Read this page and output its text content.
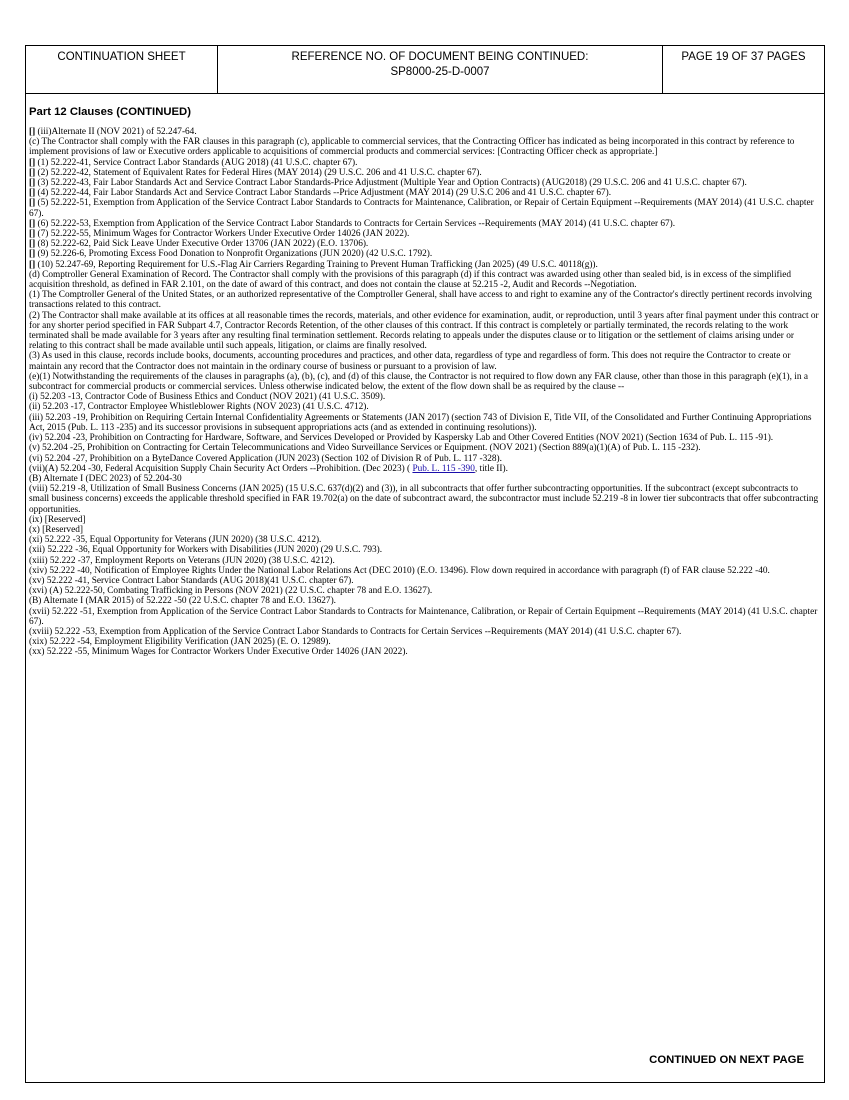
CONTINUATION SHEET	REFERENCE NO. OF DOCUMENT BEING CONTINUED:
SP8000-25-D-0007
PAGE 19 OF 37 PAGES
Part 12 Clauses (CONTINUED)
[] (iii)Alternate II (NOV 2021) of 52.247-64.
(c) The Contractor shall comply with the FAR clauses in this paragraph (c), applicable to commercial services, that the Contracting Officer has indicated as being incorporated in this contract by reference to implement provisions of law or Executive orders applicable to acquisitions of commercial products and commercial services: [Contracting Officer check as appropriate.]
[] (1) 52.222-41, Service Contract Labor Standards (AUG 2018) (41 U.S.C. chapter 67).
[] (2) 52.222-42, Statement of Equivalent Rates for Federal Hires (MAY 2014) (29 U.S.C. 206 and 41 U.S.C. chapter 67).
[] (3) 52.222-43, Fair Labor Standards Act and Service Contract Labor Standards-Price Adjustment (Multiple Year and Option Contracts) (AUG2018) (29 U.S.C. 206 and 41 U.S.C. chapter 67).
[] (4) 52.222-44, Fair Labor Standards Act and Service Contract Labor Standards --Price Adjustment (MAY 2014) (29 U.S.C 206 and 41 U.S.C. chapter 67).
[] (5) 52.222-51, Exemption from Application of the Service Contract Labor Standards to Contracts for Maintenance, Calibration, or Repair of Certain Equipment --Requirements (MAY 2014) (41 U.S.C. chapter 67).
[] (6) 52.222-53, Exemption from Application of the Service Contract Labor Standards to Contracts for Certain Services --Requirements (MAY 2014) (41 U.S.C. chapter 67).
[] (7) 52.222-55, Minimum Wages for Contractor Workers Under Executive Order 14026 (JAN 2022).
[] (8) 52.222-62, Paid Sick Leave Under Executive Order 13706 (JAN 2022) (E.O. 13706).
[] (9) 52.226-6, Promoting Excess Food Donation to Nonprofit Organizations (JUN 2020) (42 U.S.C. 1792).
[] (10) 52.247-69, Reporting Requirement for U.S.-Flag Air Carriers Regarding Training to Prevent Human Trafficking (Jan 2025) (49 U.S.C. 40118(g)).
(d) Comptroller General Examination of Record. The Contractor shall comply with the provisions of this paragraph (d) if this contract was awarded using other than sealed bid, is in excess of the simplified acquisition threshold, as defined in FAR 2.101, on the date of award of this contract, and does not contain the clause at 52.215 -2, Audit and Records --Negotiation.
(1) The Comptroller General of the United States, or an authorized representative of the Comptroller General, shall have access to and right to examine any of the Contractor's directly pertinent records involving transactions related to this contract.
(2) The Contractor shall make available at its offices at all reasonable times the records, materials, and other evidence for examination, audit, or reproduction, until 3 years after final payment under this contract or for any shorter period specified in FAR Subpart 4.7, Contractor Records Retention, of the other clauses of this contract. If this contract is completely or partially terminated, the records relating to the work terminated shall be made available for 3 years after any resulting final termination settlement. Records relating to appeals under the disputes clause or to litigation or the settlement of claims arising under or relating to this contract shall be made available until such appeals, litigation, or claims are finally resolved.
(3) As used in this clause, records include books, documents, accounting procedures and practices, and other data, regardless of type and regardless of form. This does not require the Contractor to create or maintain any record that the Contractor does not maintain in the ordinary course of business or pursuant to a provision of law.
(e)(1) Notwithstanding the requirements of the clauses in paragraphs (a), (b), (c), and (d) of this clause, the Contractor is not required to flow down any FAR clause, other than those in this paragraph (e)(1), in a subcontract for commercial products or commercial services. Unless otherwise indicated below, the extent of the flow down shall be as required by the clause --
(i) 52.203 -13, Contractor Code of Business Ethics and Conduct (NOV 2021) (41 U.S.C. 3509).
(ii) 52.203 -17, Contractor Employee Whistleblower Rights (NOV 2023) (41 U.S.C. 4712).
(iii) 52.203 -19, Prohibition on Requiring Certain Internal Confidentiality Agreements or Statements (JAN 2017) (section 743 of Division E, Title VII, of the Consolidated and Further Continuing Appropriations Act, 2015 (Pub. L. 113 -235) and its successor provisions in subsequent appropriations acts (and as extended in continuing resolutions)).
(iv) 52.204 -23, Prohibition on Contracting for Hardware, Software, and Services Developed or Provided by Kaspersky Lab and Other Covered Entities (NOV 2021) (Section 1634 of Pub. L. 115 -91).
(v) 52.204 -25, Prohibition on Contracting for Certain Telecommunications and Video Surveillance Services or Equipment. (NOV 2021) (Section 889(a)(1)(A) of Pub. L. 115 -232).
(vi) 52.204 -27, Prohibition on a ByteDance Covered Application (JUN 2023) (Section 102 of Division R of Pub. L. 117 -328).
(vii)(A) 52.204 -30, Federal Acquisition Supply Chain Security Act Orders --Prohibition. (Dec 2023) ( Pub. L. 115 -390, title II).
(B) Alternate I (DEC 2023) of 52.204-30
(viii) 52.219 -8, Utilization of Small Business Concerns (JAN 2025) (15 U.S.C. 637(d)(2) and (3)), in all subcontracts that offer further subcontracting opportunities. If the subcontract (except subcontracts to small business concerns) exceeds the applicable threshold specified in FAR 19.702(a) on the date of subcontract award, the subcontractor must include 52.219 -8 in lower tier subcontracts that offer subcontracting opportunities.
(ix) [Reserved]
(x) [Reserved]
(xi) 52.222 -35, Equal Opportunity for Veterans (JUN 2020) (38 U.S.C. 4212).
(xii) 52.222 -36, Equal Opportunity for Workers with Disabilities (JUN 2020) (29 U.S.C. 793).
(xiii) 52.222 -37, Employment Reports on Veterans (JUN 2020) (38 U.S.C. 4212).
(xiv) 52.222 -40, Notification of Employee Rights Under the National Labor Relations Act (DEC 2010) (E.O. 13496). Flow down required in accordance with paragraph (f) of FAR clause 52.222 -40.
(xv) 52.222 -41, Service Contract Labor Standards (AUG 2018)(41 U.S.C. chapter 67).
(xvi) (A) 52.222-50, Combating Trafficking in Persons (NOV 2021) (22 U.S.C. chapter 78 and E.O. 13627).
(B) Alternate I (MAR 2015) of 52.222 -50 (22 U.S.C. chapter 78 and E.O. 13627).
(xvii) 52.222 -51, Exemption from Application of the Service Contract Labor Standards to Contracts for Maintenance, Calibration, or Repair of Certain Equipment --Requirements (MAY 2014) (41 U.S.C. chapter 67).
(xviii) 52.222 -53, Exemption from Application of the Service Contract Labor Standards to Contracts for Certain Services --Requirements (MAY 2014) (41 U.S.C. chapter 67).
(xix) 52.222 -54, Employment Eligibility Verification (JAN 2025) (E. O. 12989).
(xx) 52.222 -55, Minimum Wages for Contractor Workers Under Executive Order 14026 (JAN 2022).
CONTINUED ON NEXT PAGE
